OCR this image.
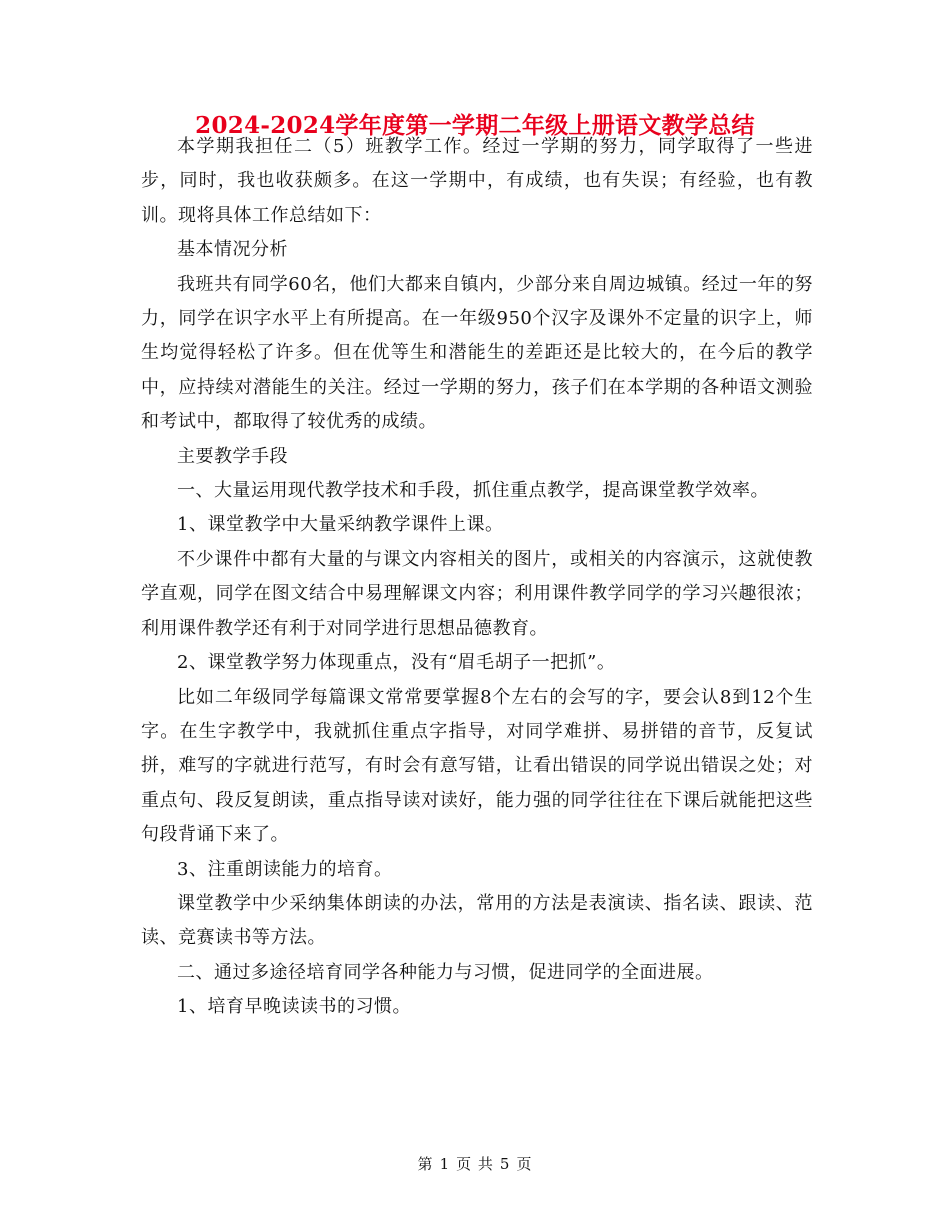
2024-2024学年度第一学期二年级上册语文教学总结

本学期我担任二（5）班教学工作。经过一学期的努力，同学取得了一些进步，同时，我也收获颇多。在这一学期中，有成绩，也有失误；有经验，也有教训。现将具体工作总结如下：

基本情况分析

我班共有同学60名，他们大都来自镇内，少部分来自周边城镇。经过一年的努力，同学在识字水平上有所提高。在一年级950个汉字及课外不定量的识字上，师生均觉得轻松了许多。但在优等生和潜能生的差距还是比较大的，在今后的教学中，应持续对潜能生的关注。经过一学期的努力，孩子们在本学期的各种语文测验和考试中，都取得了较优秀的成绩。

主要教学手段

一、大量运用现代教学技术和手段，抓住重点教学，提高课堂教学效率。

1、课堂教学中大量采纳教学课件上课。

不少课件中都有大量的与课文内容相关的图片，或相关的内容演示，这就使教学直观，同学在图文结合中易理解课文内容；利用课件教学同学的学习兴趣很浓；利用课件教学还有利于对同学进行思想品德教育。

2、课堂教学努力体现重点，没有“眉毛胡子一把抓”。

比如二年级同学每篇课文常常要掌握8个左右的会写的字，要会认8到12个生字。在生字教学中，我就抓住重点字指导，对同学难拼、易拼错的音节，反复试拼，难写的字就进行范写，有时会有意写错，让看出错误的同学说出错误之处；对重点句、段反复朗读，重点指导读对读好，能力强的同学往往在下课后就能把这些句段背诵下来了。

3、注重朗读能力的培育。

课堂教学中少采纳集体朗读的办法，常用的方法是表演读、指名读、跟读、范读、竞赛读书等方法。

二、通过多途径培育同学各种能力与习惯，促进同学的全面进展。

1、培育早晚读读书的习惯。

第 1 页 共 5 页
